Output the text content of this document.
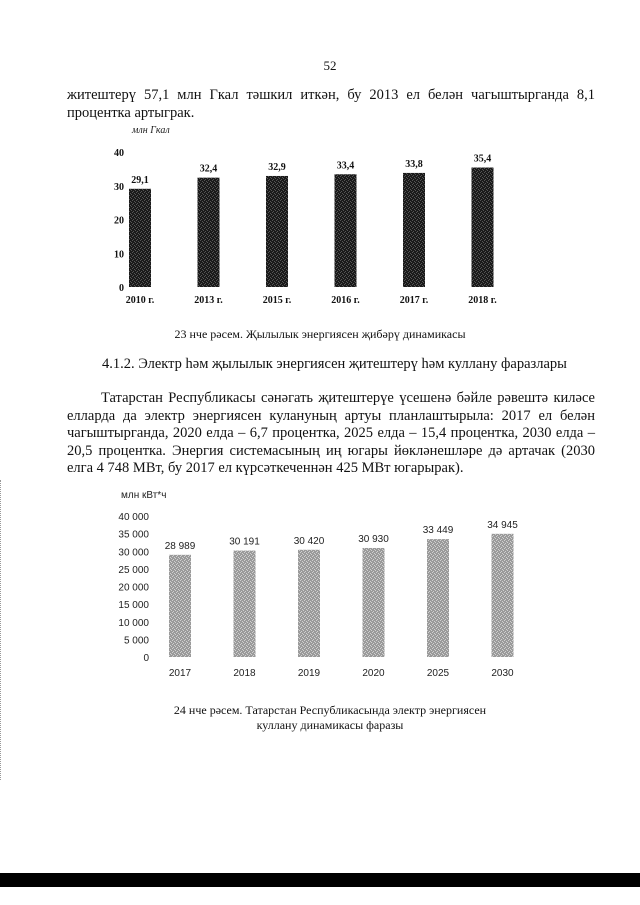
52
житештерү 57,1 млн Гкал тәшкил иткән, бу 2013 ел белән чагыштырганда 8,1 процентка артыграк.
млн Гкал
0
10
20
30
40
29,1
2010 г.
32,4
2013 г.
32,9
2015 г.
33,4
2016 г.
33,8
2017 г.
35,4
2018 г.
млн кВт*ч
0
5 000
10 000
15 000
20 000
25 000
30 000
35 000
40 000
28 989
2017
30 191
2018
30 420
2019
30 930
2020
33 449
2025
34 945
2030
23 нче рәсем. Җылылык энергиясен җибәрү динамикасы
4.1.2. Электр һәм җылылык энергиясен җитештерү һәм куллану фаразлары
Татарстан Республикасы сәнәгать җитештерүе үсешенә бәйле рәвештә киләсе елларда да электр энергиясен кулануның артуы планлаштырыла: 2017 ел белән чагыштырганда, 2020 елда – 6,7 процентка, 2025 елда – 15,4 процентка, 2030 елда – 20,5 процентка. Энергия системасының иң югары йөкләнешләре дә артачак (2030 елга 4 748 МВт, бу 2017 ел күрсәткеченнән 425 МВт югарырак).
24 нче рәсем. Татарстан Республикасында электр энергиясен куллану динамикасы фаразы
